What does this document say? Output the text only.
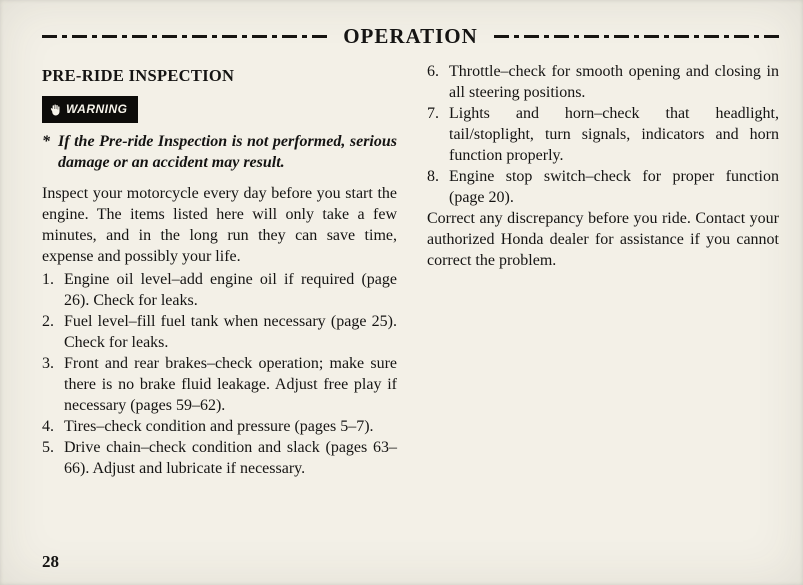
OPERATION
PRE-RIDE INSPECTION
WARNING
* If the Pre-ride Inspection is not performed, serious damage or an accident may result.

Inspect your motorcycle every day before you start the engine. The items listed here will only take a few minutes, and in the long run they can save time, expense and possibly your life.

1. Engine oil level–add engine oil if required (page 26). Check for leaks.
2. Fuel level–fill fuel tank when necessary (page 25). Check for leaks.
3. Front and rear brakes–check operation; make sure there is no brake fluid leakage. Adjust free play if necessary (pages 59–62).
4. Tires–check condition and pressure (pages 5–7).
5. Drive chain–check condition and slack (pages 63–66). Adjust and lubricate if necessary.
6. Throttle–check for smooth opening and closing in all steering positions.
7. Lights and horn–check that headlight, tail/stoplight, turn signals, indicators and horn function properly.
8. Engine stop switch–check for proper function (page 20).

Correct any discrepancy before you ride. Contact your authorized Honda dealer for assistance if you cannot correct the problem.

28
